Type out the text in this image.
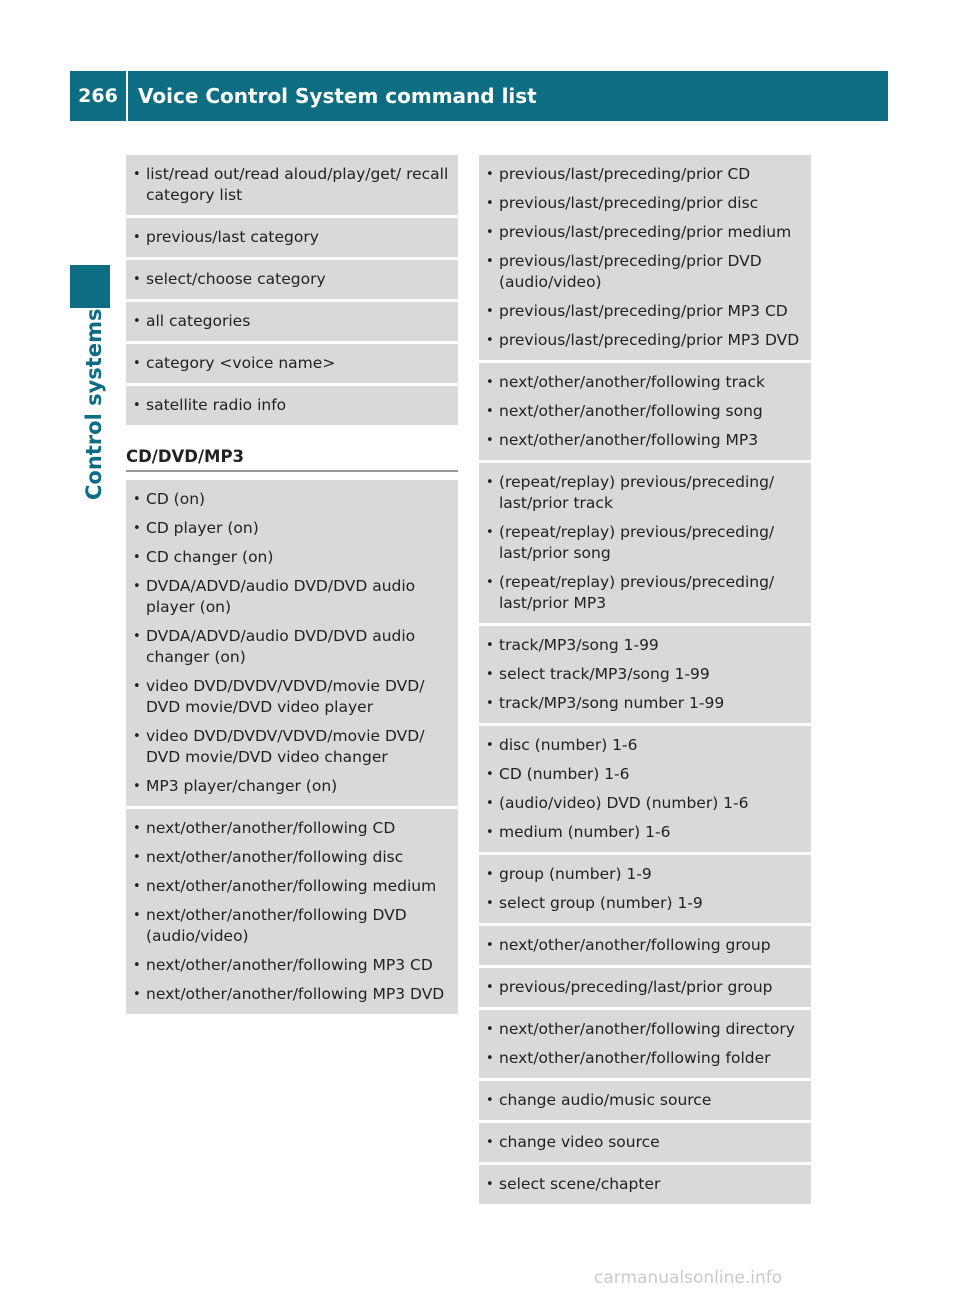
266	Voice Control System command list
Control systems
• list/read out/read aloud/play/get/ recall category list
• previous/last category
• select/choose category
• all categories
• category <voice name>
• satellite radio info
CD/DVD/MP3
• CD (on)
• CD player (on)
• CD changer (on)
• DVDA/ADVD/audio DVD/DVD audio player (on)
• DVDA/ADVD/audio DVD/DVD audio changer (on)
• video DVD/DVDV/VDVD/movie DVD/ DVD movie/DVD video player
• video DVD/DVDV/VDVD/movie DVD/ DVD movie/DVD video changer
• MP3 player/changer (on)
• next/other/another/following CD
• next/other/another/following disc
• next/other/another/following medium
• next/other/another/following DVD (audio/video)
• next/other/another/following MP3 CD
• next/other/another/following MP3 DVD
• previous/last/preceding/prior CD
• previous/last/preceding/prior disc
• previous/last/preceding/prior medium
• previous/last/preceding/prior DVD (audio/video)
• previous/last/preceding/prior MP3 CD
• previous/last/preceding/prior MP3 DVD
• next/other/another/following track
• next/other/another/following song
• next/other/another/following MP3
• (repeat/replay) previous/preceding/ last/prior track
• (repeat/replay) previous/preceding/ last/prior song
• (repeat/replay) previous/preceding/ last/prior MP3
• track/MP3/song 1-99
• select track/MP3/song 1-99
• track/MP3/song number 1-99
• disc (number) 1-6
• CD (number) 1-6
• (audio/video) DVD (number) 1-6
• medium (number) 1-6
• group (number) 1-9
• select group (number) 1-9
• next/other/another/following group
• previous/preceding/last/prior group
• next/other/another/following directory
• next/other/another/following folder
• change audio/music source
• change video source
• select scene/chapter
carmanualsonline.info
